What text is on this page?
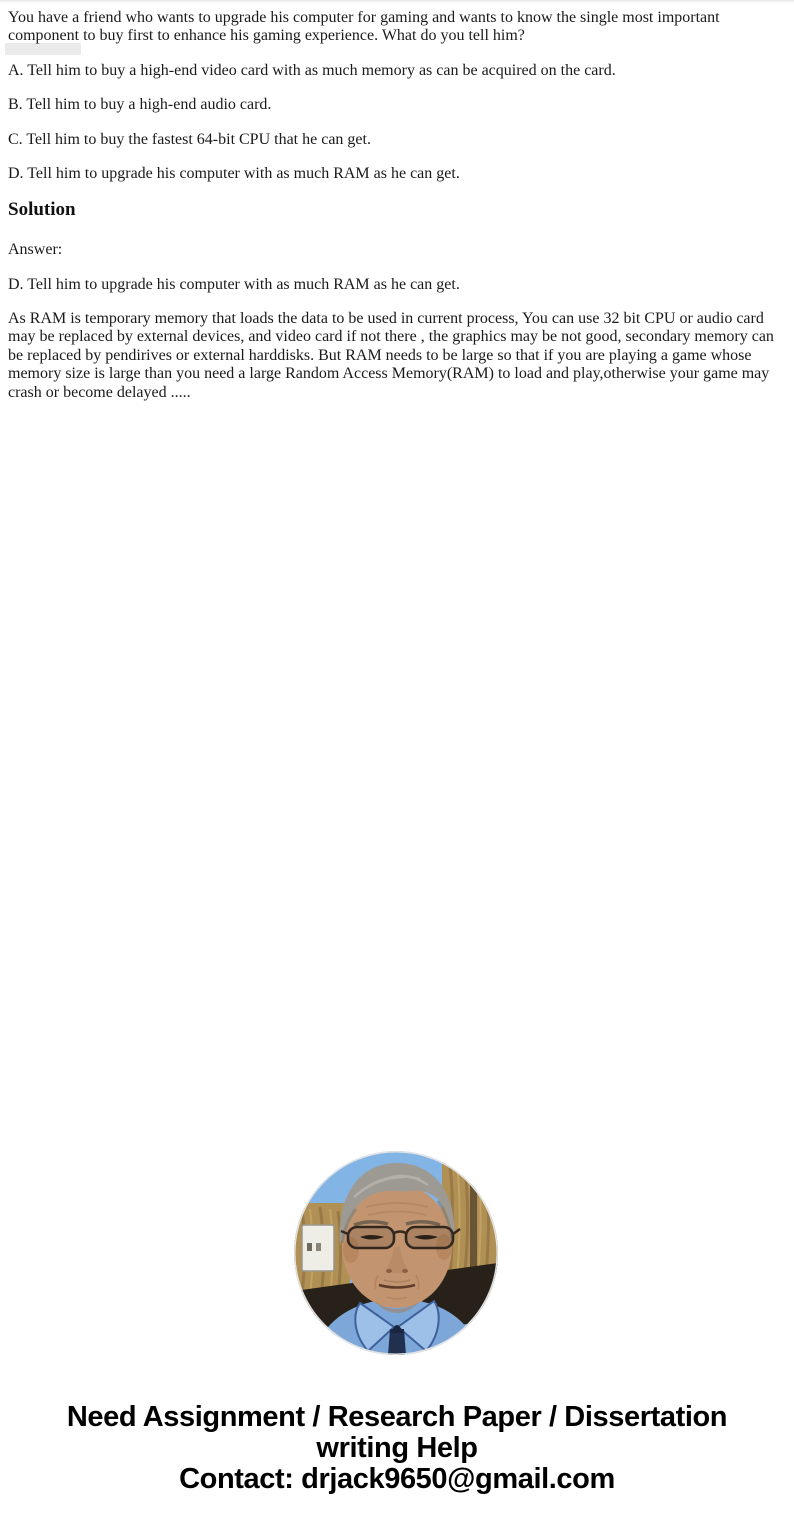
You have a friend who wants to upgrade his computer for gaming and wants to know the single most important component to buy first to enhance his gaming experience. What do you tell him?

A. Tell him to buy a high-end video card with as much memory as can be acquired on the card.

B. Tell him to buy a high-end audio card.

C. Tell him to buy the fastest 64-bit CPU that he can get.

D. Tell him to upgrade his computer with as much RAM as he can get.

Solution

Answer:

D. Tell him to upgrade his computer with as much RAM as he can get.

As RAM is temporary memory that loads the data to be used in current process, You can use 32 bit CPU or audio card may be replaced by external devices, and video card if not there , the graphics may be not good, secondary memory can be replaced by pendirives or external harddisks. But RAM needs to be large so that if you are playing a game whose memory size is large than you need a large Random Access Memory(RAM) to load and play,otherwise your game may crash or become delayed .....

Need Assignment / Research Paper / Dissertation
writing Help
Contact: drjack9650@gmail.com
